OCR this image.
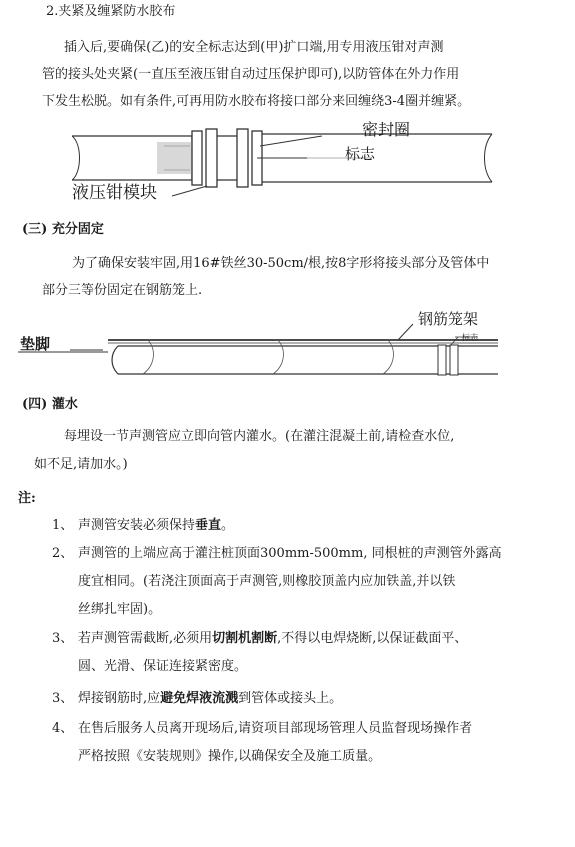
2.夹紧及缠紧防水胶布
插入后,要确保(乙)的安全标志达到(甲)扩口端,用专用液压钳对声测
管的接头处夹紧(一直压至液压钳自动过压保护即可),以防管体在外力作用
下发生松脱。如有条件,可再用防水胶布将接口部分来回缠绕3-4圈并缠紧。
密封圈
标志
液压钳模块
(三) 充分固定
为了确保安装牢固,用16#铁丝30-50cm/根,按8字形将接头部分及管体中
部分三等份固定在钢筋笼上.
钢筋笼架
垫脚	标志
(四) 灌水
每埋设一节声测管应立即向管内灌水。(在灌注混凝土前,请检查水位,
如不足,请加水。)
注:
1、 声测管安装必须保持垂直。
2、 声测管的上端应高于灌注桩顶面300mm-500mm, 同根桩的声测管外露高
度宜相同。(若浇注顶面高于声测管,则橡胶顶盖内应加铁盖,并以铁
丝绑扎牢固)。
3、 若声测管需截断,必须用切割机割断,不得以电焊烧断,以保证截面平、
圆、光滑、保证连接紧密度。
3、 焊接钢筋时,应避免焊液流溅到管体或接头上。
4、 在售后服务人员离开现场后,请资项目部现场管理人员监督现场操作者
严格按照《安装规则》操作,以确保安全及施工质量。
